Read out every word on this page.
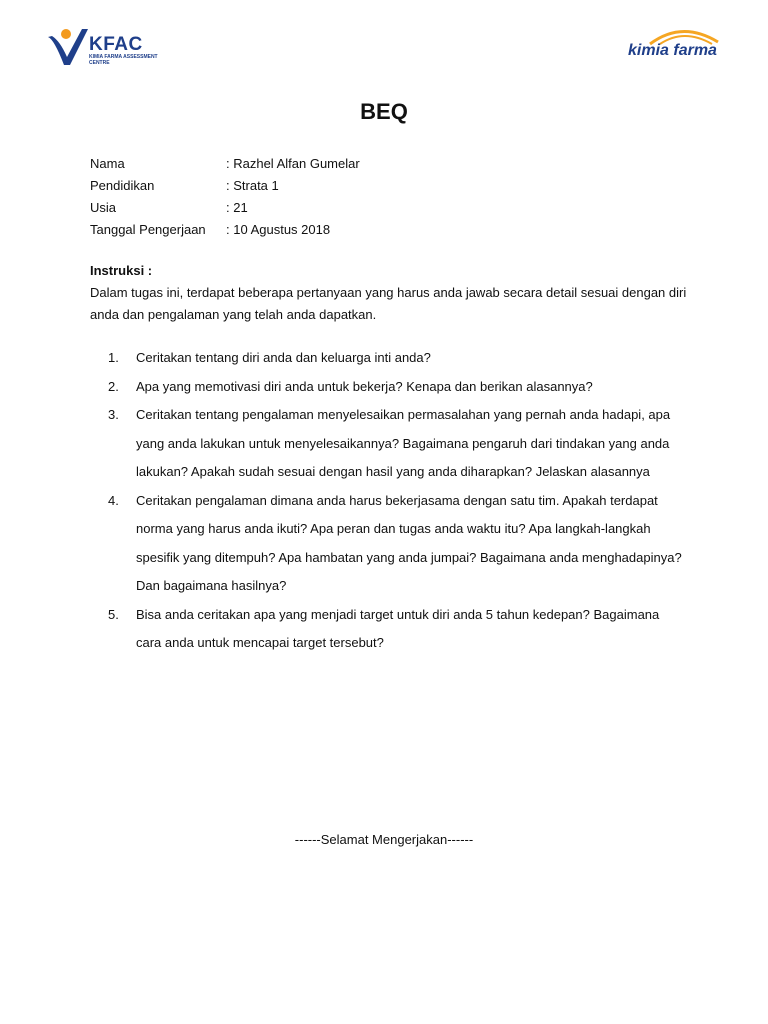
KFAC
KIMIA FARMA ASSESSMENT CENTRE
kimia farma
BEQ
Nama	: Razhel Alfan Gumelar
Pendidikan	: Strata 1
Usia	: 21
Tanggal Pengerjaan	: 10 Agustus 2018
Instruksi :
Dalam tugas ini, terdapat beberapa pertanyaan yang harus anda jawab secara detail sesuai dengan diri anda dan pengalaman yang telah anda dapatkan.
1.	Ceritakan tentang diri anda dan keluarga inti anda?
2.	Apa yang memotivasi diri anda untuk bekerja? Kenapa dan berikan alasannya?
3.	Ceritakan tentang pengalaman menyelesaikan permasalahan yang pernah anda hadapi, apa yang anda lakukan untuk menyelesaikannya? Bagaimana pengaruh dari tindakan yang anda lakukan? Apakah sudah sesuai dengan hasil yang anda diharapkan? Jelaskan alasannya
4.	Ceritakan pengalaman dimana anda harus bekerjasama dengan satu tim. Apakah terdapat norma yang harus anda ikuti? Apa peran dan tugas anda waktu itu? Apa langkah-langkah spesifik yang ditempuh? Apa hambatan yang anda jumpai? Bagaimana anda menghadapinya? Dan bagaimana hasilnya?
5.	Bisa anda ceritakan apa yang menjadi target untuk diri anda 5 tahun kedepan? Bagaimana cara anda untuk mencapai target tersebut?
------Selamat Mengerjakan------
